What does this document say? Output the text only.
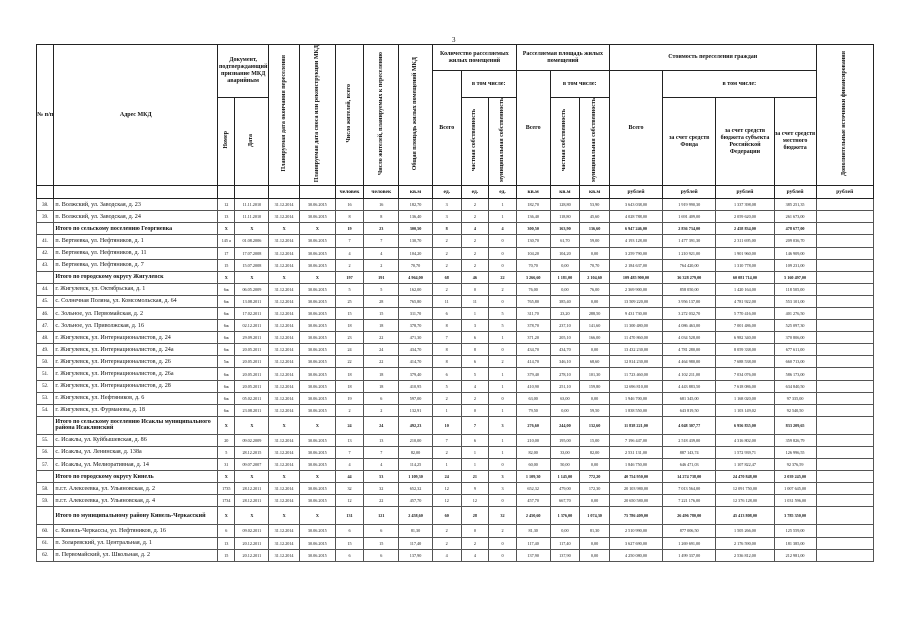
3
№ п/п	Адрес МКД	Документ, подтверждающий признание МКД аварийным		Планируемая дата окончания переселения	Планируемая дата сноса или реконструкции МКД	Число жителей, всего	Число жителей, планируемых к переселению	Общая площадь жилых помещений МКД	Количество расселяемых жилых помещений			Расселяемая площадь жилых помещений			Стоимость переселения граждан				Дополнительные источники финансирования
									Всего	в том числе:		Всего	в том числе:		Всего	в том числе:			
		Номер	Дата							частная собственность	муниципальная собственность		частная собственность	муниципальная собственность		за счет средств Фонда	за счет средств бюджета субъекта Российской Федерации	за счет средств местного бюджета	
						человек	человек	кв.м	ед.	ед.	ед.	кв.м	кв.м	кв.м	рублей	рублей	рублей	рублей	рублей
38.	п. Волжский, ул. Заводская, д. 23	12	11.11.2010	31.12.2014	30.06.2015	16	16	182,70	3	2	1	182,70	128,80	53,90	3 643 038,00	1 919 990,30	1 337 398,08	385 251,35	
39.	п. Волжский, ул. Заводская, д. 24	13	11.11.2010	31.12.2014	30.06.2015	8	8	136,40	3	2	1	136,40	118,80	45,60	4 028 788,00	1 691 409,00	2 059 620,00	261 673,00	
	Итого по сельскому поселению Георгиевка	X	X	X	X	19	23	300,50	8	4	4	300,50	163,90	136,60	6 947 246,00	2 836 734,00	2 458 834,00	478 677,00	
41.	п. Вертяевка, ул. Нефтяников, д. 1	145 а	01.08.2006	31.12.2014	30.06.2015	7	7	130,70	2	2	0	130,70	61,70	59,00	4 193 128,00	1 477 391,30	2 311 695,00	209 036,70	
42.	п. Вертяевка, ул. Нефтяников, д. 11	17	17.07.2008	31.12.2014	30.06.2015	4	4	104,20	2	2	0	104,20	104,20	0,00	3 259 790,00	1 210 921,00	1 901 960,00	146 909,00	
43.	п. Вертяевка, ул. Нефтяников, д. 7	15	15.07.2008	31.12.2014	30.06.2015	2	2	70,70	2	2	0	70,70	0,00	70,70	2 184 637,00	764 420,00	1 310 778,00	109 231,00	
	Итого по городскому округу Жигулевск	X	X	X	X	197	191	4 964,00	68	46	22	3 266,60	1 181,00	2 104,60	109 485 900,00	36 328 279,00	60 081 714,00	5 160 497,00	
44.	г. Жигулевск, ул. Октябрьская, д. 1	6ж	06.05.2009	31.12.2014	30.06.2015	5	5	162,00	2	0	2	76,00	0,00	76,00	2 369 900,00	858 050,00	1 420 164,00	118 505,00	
45.	с. Солнечная Поляна, ул. Комсомольская, д. 64	6ж	13.08.2011	31.12.2014	30.06.2015	25	28	765,80	11	11	0	765,80	385,40	0,00	13 509 220,00	3 956 137,00	4 781 922,00	553 101,00	
46.	с. Зольное, ул. Первомайская, д. 2	6ж	17.02.2011	31.12.2014	30.06.2015	15	15	311,70	6	1	5	311,70	23,20	288,50	9 431 730,00	3 272 032,70	5 770 416,00	401 276,50	
47.	с. Зольное, ул. Приволжская, д. 16	6ж	02.12.2011	31.12.2014	30.06.2015	18	18	378,70	8	3	5	378,70	237,10	141,60	11 300 480,00	4 086 463,00	7 001 486,00	525 097,30	
48.	г. Жигулевск, ул. Интернационалистов, д. 24	6ж	29.09.2011	31.12.2014	30.06.2015	23	22	471,30	7	6	1	371,20	205,10	166,00	11 470 860,00	4 034 528,00	6 982 340,00	370 806,00	
49.	г. Жигулевск, ул. Интернационалистов, д. 24а	6ж	20.05.2011	31.12.2014	30.06.2015	24	24	434,70	8	8	0	434,70	434,70	0,00	13 432 230,00	4 781 280,00	8 059 338,00	677 611,00	
50.	г. Жигулевск, ул. Интернационалистов, д. 26	5ж	20.05.2011	31.12.2014	30.06.2015	22	22	414,70	8	6	2	414,70	346,10	68,60	12 814 230,00	4 464 980,00	7 688 538,00	660 713,00	
51.	г. Жигулевск, ул. Интернационалистов, д. 26а	6ж	20.05.2011	31.12.2014	30.06.2015	18	18	379,40	6	5	1	379,40	278,10	101,30	11 723 460,00	4 102 211,00	7 034 076,00	586 173,00	
52.	г. Жигулевск, ул. Интернационалистов, д. 28	6ж	20.05.2011	31.12.2014	30.06.2015	18	18	410,95	5	4	1	410,90	251,10	159,80	12 696 810,00	4 443 883,50	7 618 086,00	634 840,50	
53.	г. Жигулевск, ул. Нефтяников, д. 6	6ж	05.02.2011	31.12.2014	30.06.2015	19	6	597,00	2	2	0	63,00	63,00	0,00	1 946 700,00	681 345,00	1 168 020,00	97 335,00	
54.	г. Жигулевск, ул. Фурмановa, д. 18	6ж	23.08.2011	31.12.2014	30.06.2015	2	2	132,91	1	0	1	79,50	0,00	59,50	1 838 550,00	643 819,50	1 103 149,02	92 540,50	
	Итого по сельскому поселению Исаклы муниципального района Исаклинский	X	X	X	X	24	24	492,23	10	7	3	276,60	244,00	132,60	11 838 221,00	4 048 307,77	6 956 835,00	833 209,65	
55.	с. Исаклы, ул. Куйбышевская, д. 86	20	09.02.2009	31.12.2014	30.06.2015	13	13	210,00	7	6	1	210,00	195,00	15,00	7 196 447,00	2 518 439,00	4 316 802,00	359 826,79	
56.	с. Исаклы, ул. Ленинская, д. 138а	5	28.12.2015	31.12.2014	30.06.2015	7	7	82,00	2	1	1	82,00	33,00	82,00	2 531 131,00	887 143,74	1 572 939,71	126 996,55	
57.	с. Исаклы, ул. Мелиоративная, д. 14	31	09.07.2007	31.12.2014	30.06.2015	4	4	114,25	1	1	0	60,00	50,00	0,00	1 846 750,00	646 471,03	1 107 822,47	92 376,59	
	Итого по городскому округу Кинель	X	X	X	X	44	53	1 109,30	24	21	3	1 109,30	1 145,00	772,20	40 754 950,00	14 274 738,00	24 470 848,00	2 039 245,00	
58.	п.г.т. Алексеевка, ул. Ульяновская, д. 2	1735	28.12.2011	31.12.2014	30.06.2015	32	32	652,32	12	9	3	652,32	479,00	172,30	20 103 980,00	7 013 564,00	12 091 750,00	1 007 645,00	
59.	п.г.т. Алексеевка, ул. Ульяновская, д. 4	1734	28.12.2011	31.12.2014	30.06.2015	12	22	457,70	12	12	0	457,70	667,70	0,00	20 650 580,00	7 221 176,00	12 376 128,00	1 031 596,00	
	Итого по муниципальному району Кинель-Черкасский	X	X	X	X	131	121	2 458,60	60	28	32	2 450,60	1 376,00	1 074,30	75 786 409,00	26 496 780,00	45 413 808,00	3 785 350,00	
60.	с. Кинель-Черкассы, ул. Нефтяников, д. 16	6	09.02.2011	31.12.2014	30.06.2015	6	6	81,30	2	0	2	81,30	0,00	81,30	2 510 990,00	877 006,50	1 505 266,00	125 559,00	
61.	п. Золаревский, ул. Центральная, д. 1	13	20.12.2011	31.12.2014	30.06.2015	15	15	117,40	2	2	0	117,40	117,40	0,00	3 627 690,00	1 269 691,00	2 176 590,00	181 385,00	
62.	п. Первомайский, ул. Школьная, д. 2	15	20.12.2011	31.12.2014	30.06.2015	6	6	137,90	4	4	0	137,90	137,90	0,00	4 250 080,00	1 499 337,00	2 536 812,00	212 981,00	
